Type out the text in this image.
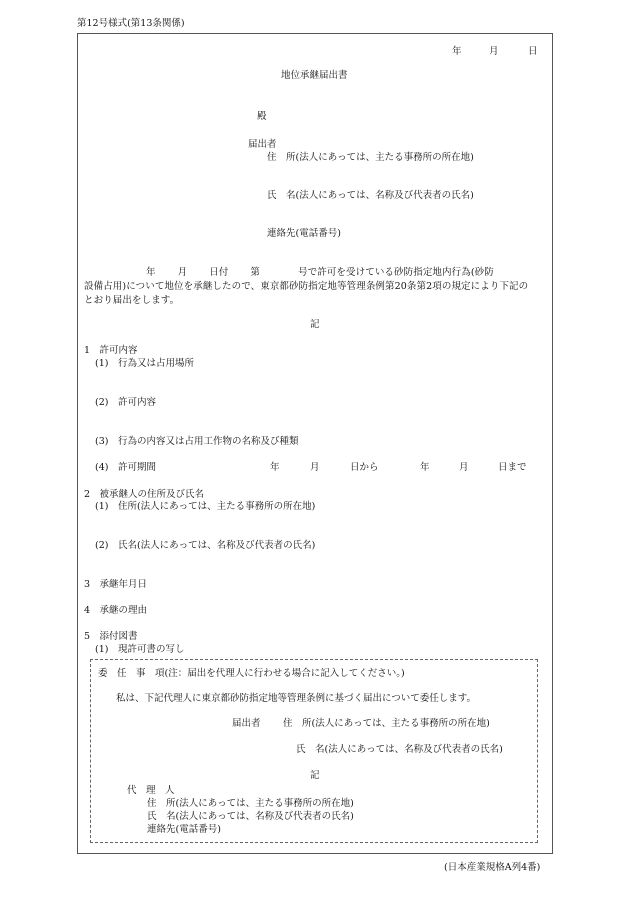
第12号様式(第13条関係)
年	月	日
地位承継届出書
殿
届出者
住　所(法人にあっては、主たる事務所の所在地)
氏　名(法人にあっては、名称及び代表者の氏名)
連絡先(電話番号)
年 月 日付 第	号で許可を受けている砂防指定地内行為(砂防
設備占用)について地位を承継したので、東京都砂防指定地等管理条例第20条第2項の規定により下記の
とおり届出をします。
記
1　許可内容
(1)　行為又は占用場所
(2)　許可内容
(3)　行為の内容又は占用工作物の名称及び種類
(4)　許可期間	年	月	日から	年	月	日まで
2　被承継人の住所及び氏名
(1)　住所(法人にあっては、主たる事務所の所在地)
(2)　氏名(法人にあっては、名称及び代表者の氏名)
3　承継年月日
4　承継の理由
5　添付図書
(1)　現許可書の写し
委　任　事　項(注：届出を代理人に行わせる場合に記入してください。)
私は、下記代理人に東京都砂防指定地等管理条例に基づく届出について委任します。
届出者 住　所(法人にあっては、主たる事務所の所在地)
氏　名(法人にあっては、名称及び代表者の氏名)
記
代　理　人
住　所(法人にあっては、主たる事務所の所在地)
氏　名(法人にあっては、名称及び代表者の氏名)
連絡先(電話番号)
(日本産業規格A列4番)
